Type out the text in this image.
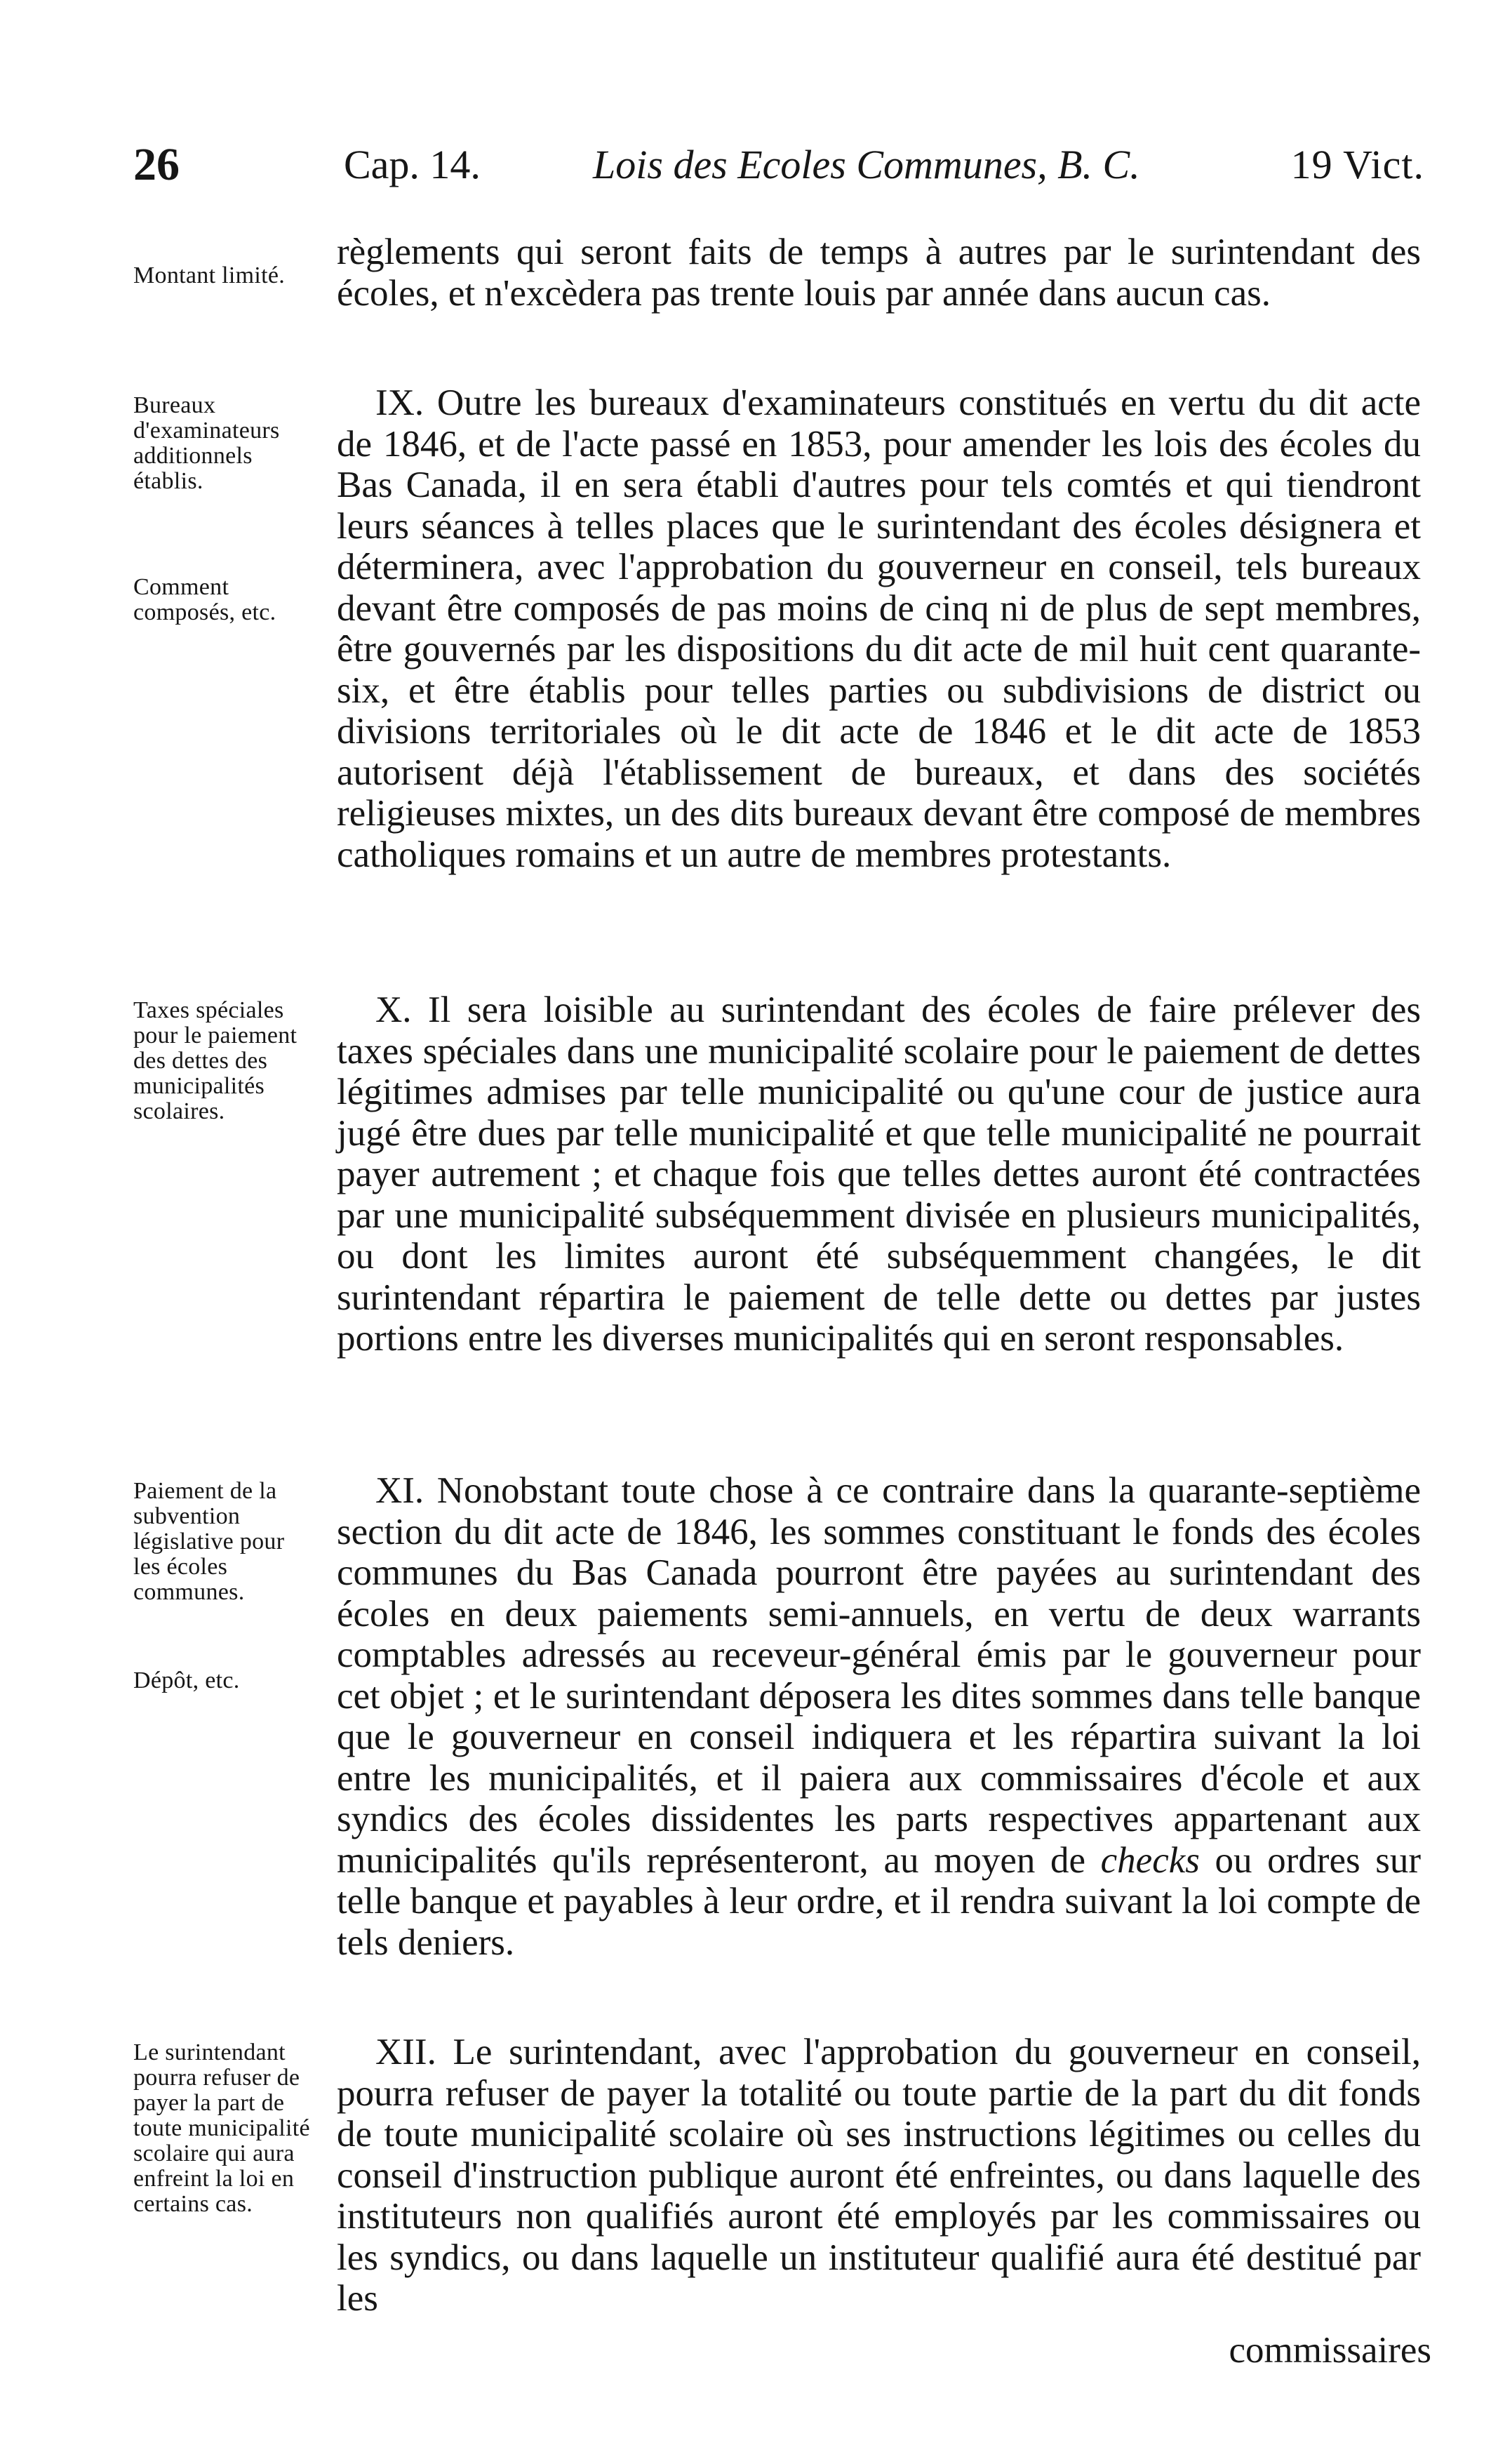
26	Cap. 14.	Lois des Ecoles Communes, B. C.	19 Vict.
Montant limité.

règlements qui seront faits de temps à autres par le surintendant des écoles, et n'excèdera pas trente louis par année dans aucun cas.

Bureaux d'examinateurs additionnels établis.
Comment composés, etc.

IX. Outre les bureaux d'examinateurs constitués en vertu du dit acte de 1846, et de l'acte passé en 1853, pour amender les lois des écoles du Bas Canada, il en sera établi d'autres pour tels comtés et qui tiendront leurs séances à telles places que le surintendant des écoles désignera et déterminera, avec l'approbation du gouverneur en conseil, tels bureaux devant être composés de pas moins de cinq ni de plus de sept membres, être gouvernés par les dispositions du dit acte de mil huit cent quarante-six, et être établis pour telles parties ou subdivisions de district ou divisions territoriales où le dit acte de 1846 et le dit acte de 1853 autorisent déjà l'établissement de bureaux, et dans des sociétés religieuses mixtes, un des dits bureaux devant être composé de membres catholiques romains et un autre de membres protestants.

Taxes spéciales pour le paiement des dettes des municipalités scolaires.

X. Il sera loisible au surintendant des écoles de faire prélever des taxes spéciales dans une municipalité scolaire pour le paiement de dettes légitimes admises par telle municipalité ou qu'une cour de justice aura jugé être dues par telle municipalité et que telle municipalité ne pourrait payer autrement ; et chaque fois que telles dettes auront été contractées par une municipalité subséquemment divisée en plusieurs municipalités, ou dont les limites auront été subséquemment changées, le dit surintendant répartira le paiement de telle dette ou dettes par justes portions entre les diverses municipalités qui en seront responsables.

Paiement de la subvention législative pour les écoles communes.
Dépôt, etc.

XI. Nonobstant toute chose à ce contraire dans la quarante-septième section du dit acte de 1846, les sommes constituant le fonds des écoles communes du Bas Canada pourront être payées au surintendant des écoles en deux paiements semi-annuels, en vertu de deux warrants comptables adressés au receveur-général émis par le gouverneur pour cet objet ; et le surintendant déposera les dites sommes dans telle banque que le gouverneur en conseil indiquera et les répartira suivant la loi entre les municipalités, et il paiera aux commissaires d'école et aux syndics des écoles dissidentes les parts respectives appartenant aux municipalités qu'ils représenteront, au moyen de checks ou ordres sur telle banque et payables à leur ordre, et il rendra suivant la loi compte de tels deniers.

Le surintendant pourra refuser de payer la part de toute municipalité scolaire qui aura enfreint la loi en certains cas.

XII. Le surintendant, avec l'approbation du gouverneur en conseil, pourra refuser de payer la totalité ou toute partie de la part du dit fonds de toute municipalité scolaire où ses instructions légitimes ou celles du conseil d'instruction publique auront été enfreintes, ou dans laquelle des instituteurs non qualifiés auront été employés par les commissaires ou les syndics, ou dans laquelle un instituteur qualifié aura été destitué par les

commissaires
